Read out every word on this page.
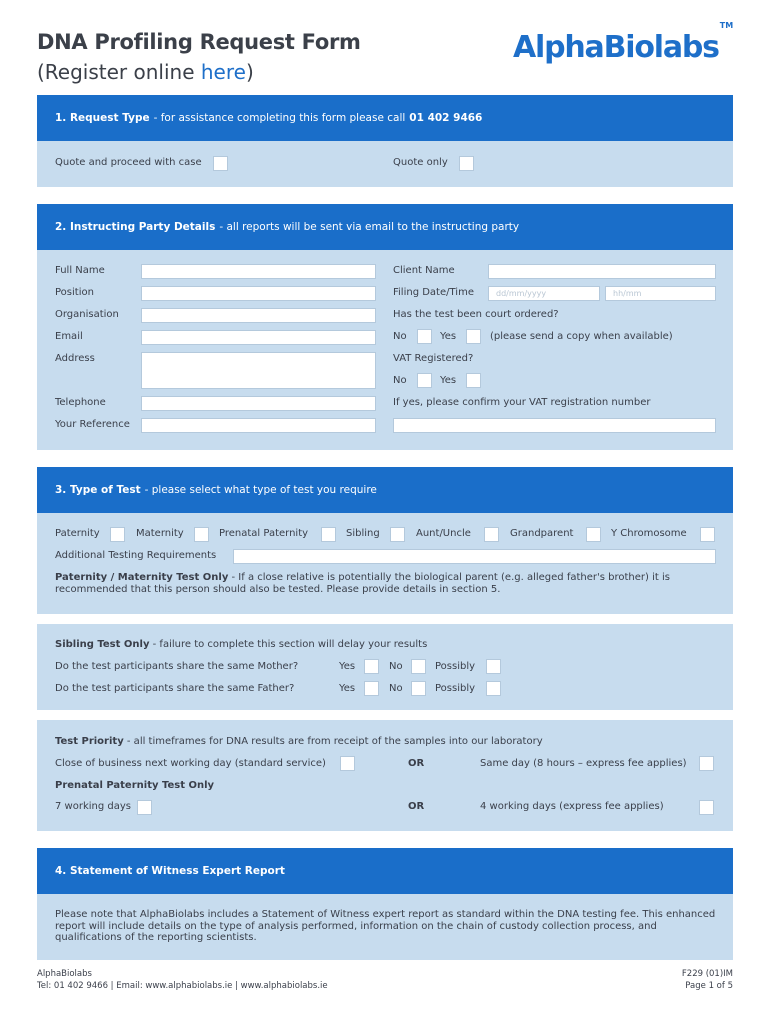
DNA Profiling Request Form
(Register online here)
AlphaBiolabs™
1. Request Type - for assistance completing this form please call 01 402 9466
Quote and proceed with case	Quote only
2. Instructing Party Details - all reports will be sent via email to the instructing party
Full Name
Position
Organisation
Email
Address
Telephone
Your Reference
Client Name
Filing Date/Time	dd/mm/yyyy	hh/mm
Has the test been court ordered?
No	Yes	(please send a copy when available)
VAT Registered?
No	Yes
If yes, please confirm your VAT registration number
3. Type of Test - please select what type of test you require
Paternity	Maternity	Prenatal Paternity	Sibling	Aunt/Uncle	Grandparent	Y Chromosome
Additional Testing Requirements
Paternity / Maternity Test Only - If a close relative is potentially the biological parent (e.g. alleged father's brother) it is recommended that this person should also be tested. Please provide details in section 5.
Sibling Test Only - failure to complete this section will delay your results
Do the test participants share the same Mother?	Yes	No	Possibly
Do the test participants share the same Father?	Yes	No	Possibly
Test Priority - all timeframes for DNA results are from receipt of the samples into our laboratory
Close of business next working day (standard service)	OR	Same day (8 hours – express fee applies)
Prenatal Paternity Test Only
7 working days	OR	4 working days (express fee applies)
4. Statement of Witness Expert Report
Please note that AlphaBiolabs includes a Statement of Witness expert report as standard within the DNA testing fee. This enhanced report will include details on the type of analysis performed, information on the chain of custody collection process, and qualifications of the reporting scientists.
AlphaBiolabs
Tel: 01 402 9466 | Email: www.alphabiolabs.ie | www.alphabiolabs.ie
F229 (01)IM
Page 1 of 5
